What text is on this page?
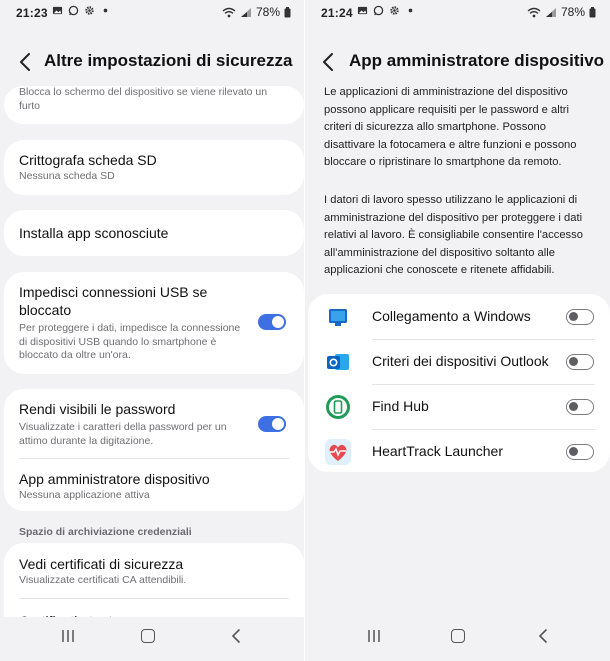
21:23	78%
Altre impostazioni di sicurezza
Blocca lo schermo del dispositivo se viene rilevato un furto
Crittografa scheda SD
Nessuna scheda SD
Installa app sconosciute
Impedisci connessioni USB se bloccato
Per proteggere i dati, impedisce la connessione di dispositivi USB quando lo smartphone è bloccato da oltre un'ora.
Rendi visibili le password
Visualizzate i caratteri della password per un attimo durante la digitazione.
App amministratore dispositivo
Nessuna applicazione attiva
Spazio di archiviazione credenziali
Vedi certificati di sicurezza
Visualizzate certificati CA attendibili.
21:24	78%
App amministratore dispositivo
Le applicazioni di amministrazione del dispositivo possono applicare requisiti per le password e altri criteri di sicurezza allo smartphone. Possono disattivare la fotocamera e altre funzioni e possono bloccare o ripristinare lo smartphone da remoto.
I datori di lavoro spesso utilizzano le applicazioni di amministrazione del dispositivo per proteggere i dati relativi al lavoro. È consigliabile consentire l'accesso all'amministrazione del dispositivo soltanto alle applicazioni che conoscete e ritenete affidabili.
Collegamento a Windows
Criteri dei dispositivi Outlook
Find Hub
HeartTrack Launcher
